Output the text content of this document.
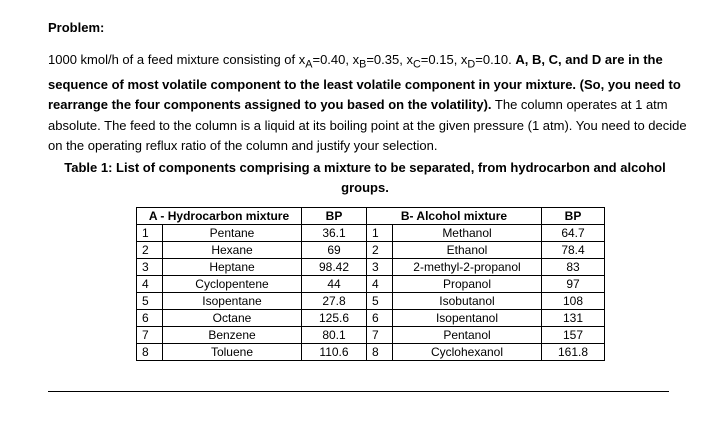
Problem:
1000 kmol/h of a feed mixture consisting of $x_A=0.40$, $x_B=0.35$, $x_C=0.15$, $x_D=0.10$. A, B, C, and D are in the sequence of most volatile component to the least volatile component in your mixture. (So, you need to rearrange the four components assigned to you based on the volatility). The column operates at 1 atm absolute. The feed to the column is a liquid at its boiling point at the given pressure (1 atm). You need to decide on the operating reflux ratio of the column and justify your selection.
Table 1: List of components comprising a mixture to be separated, from hydrocarbon and alcohol groups.
A - Hydrocarbon mixture		BP	B- Alcohol mixture		BP
1	Pentane	36.1	1	Methanol	64.7
2	Hexane	69	2	Ethanol	78.4
3	Heptane	98.42	3	2-methyl-2-propanol	83
4	Cyclopentene	44	4	Propanol	97
5	Isopentane	27.8	5	Isobutanol	108
6	Octane	125.6	6	Isopentanol	131
7	Benzene	80.1	7	Pentanol	157
8	Toluene	110.6	8	Cyclohexanol	161.8
